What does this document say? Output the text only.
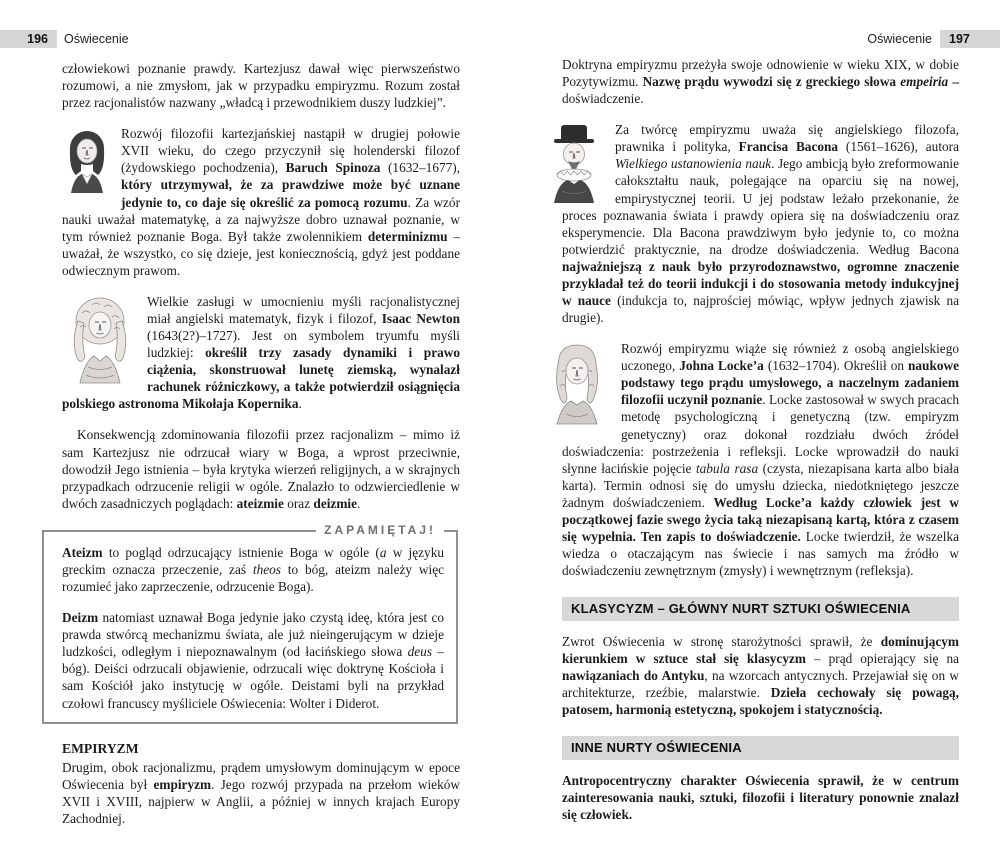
196	Oświecenie	197
Oświecenie

człowiekowi poznanie prawdy. Kartezjusz dawał więc pierwszeństwo rozumowi, a nie zmysłom, jak w przypadku empiryzmu. Rozum został przez racjonalistów nazwany „władcą i przewodnikiem duszy ludzkiej”.

Rozwój filozofii kartezjańskiej nastąpił w drugiej połowie XVII wieku, do czego przyczynił się holenderski filozof (żydowskiego pochodzenia), Baruch Spinoza (1632–1677), który utrzymywał, że za prawdziwe może być uznane jedynie to, co daje się określić za pomocą rozumu. Za wzór nauki uważał matematykę, a za najwyższe dobro uznawał poznanie, w tym również poznanie Boga. Był także zwolennikiem determinizmu – uważał, że wszystko, co się dzieje, jest koniecznością, gdyż jest poddane odwiecznym prawom.

Wielkie zasługi w umocnieniu myśli racjonalistycznej miał angielski matematyk, fizyk i filozof, Isaac Newton (1643(2?)–1727). Jest on symbolem tryumfu myśli ludzkiej: określił trzy zasady dynamiki i prawo ciążenia, skonstruował lunetę ziemską, wynalazł rachunek różniczkowy, a także potwierdził osiągnięcia polskiego astronoma Mikołaja Kopernika.

Konsekwencją zdominowania filozofii przez racjonalizm – mimo iż sam Kartezjusz nie odrzucał wiary w Boga, a wprost przeciwnie, dowodził Jego istnienia – była krytyka wierzeń religijnych, a w skrajnych przypadkach odrzucenie religii w ogóle. Znalazło to odzwierciedlenie w dwóch zasadniczych poglądach: ateizmie oraz deizmie.

ZAPAMIĘTAJ!

Ateizm to pogląd odrzucający istnienie Boga w ogóle (a w języku greckim oznacza przeczenie, zaś theos to bóg, ateizm należy więc rozumieć jako zaprzeczenie, odrzucenie Boga).

Deizm natomiast uznawał Boga jedynie jako czystą ideę, która jest co prawda stwórcą mechanizmu świata, ale już nieingerującym w dzieje ludzkości, odległym i niepoznawalnym (od łacińskiego słowa deus – bóg). Deiści odrzucali objawienie, odrzucali więc doktrynę Kościoła i sam Kościół jako instytucję w ogóle. Deistami byli na przykład czołowi francuscy myśliciele Oświecenia: Wolter i Diderot.

EMPIRYZM

Drugim, obok racjonalizmu, prądem umysłowym dominującym w epoce Oświecenia był empiryzm. Jego rozwój przypada na przełom wieków XVII i XVIII, najpierw w Anglii, a później w innych krajach Europy Zachodniej.

Doktryna empiryzmu przeżyła swoje odnowienie w wieku XIX, w dobie Pozytywizmu. Nazwę prądu wywodzi się z greckiego słowa empeiria – doświadczenie.

Za twórcę empiryzmu uważa się angielskiego filozofa, prawnika i polityka, Francisa Bacona (1561–1626), autora Wielkiego ustanowienia nauk. Jego ambicją było zreformowanie całokształtu nauk, polegające na oparciu się na nowej, empirystycznej teorii. U jej podstaw leżało przekonanie, że proces poznawania świata i prawdy opiera się na doświadczeniu oraz eksperymencie. Dla Bacona prawdziwym było jedynie to, co można potwierdzić praktycznie, na drodze doświadczenia. Według Bacona najważniejszą z nauk było przyrodoznawstwo, ogromne znaczenie przykładał też do teorii indukcji i do stosowania metody indukcyjnej w nauce (indukcja to, najprościej mówiąc, wpływ jednych zjawisk na drugie).

Rozwój empiryzmu wiąże się również z osobą angielskiego uczonego, Johna Locke’a (1632–1704). Określił on naukowe podstawy tego prądu umysłowego, a naczelnym zadaniem filozofii uczynił poznanie. Locke zastosował w swych pracach metodę psychologiczną i genetyczną (tzw. empiryzm genetyczny) oraz dokonał rozdziału dwóch źródeł doświadczenia: postrzeżenia i refleksji. Locke wprowadził do nauki słynne łacińskie pojęcie tabula rasa (czysta, niezapisana karta albo biała karta). Termin odnosi się do umysłu dziecka, niedotkniętego jeszcze żadnym doświadczeniem. Według Locke’a każdy człowiek jest w początkowej fazie swego życia taką niezapisaną kartą, która z czasem się wypełnia. Ten zapis to doświadczenie. Locke twierdził, że wszelka wiedza o otaczającym nas świecie i nas samych ma źródło w doświadczeniu zewnętrznym (zmysły) i wewnętrznym (refleksja).

KLASYCYZM – GŁÓWNY NURT SZTUKI OŚWIECENIA

Zwrot Oświecenia w stronę starożytności sprawił, że dominującym kierunkiem w sztuce stał się klasycyzm – prąd opierający się na nawiązaniach do Antyku, na wzorcach antycznych. Przejawiał się on w architekturze, rzeźbie, malarstwie. Dzieła cechowały się powagą, patosem, harmonią estetyczną, spokojem i statycznością.

INNE NURTY OŚWIECENIA

Antropocentryczny charakter Oświecenia sprawił, że w centrum zainteresowania nauki, sztuki, filozofii i literatury ponownie znalazł się człowiek.
